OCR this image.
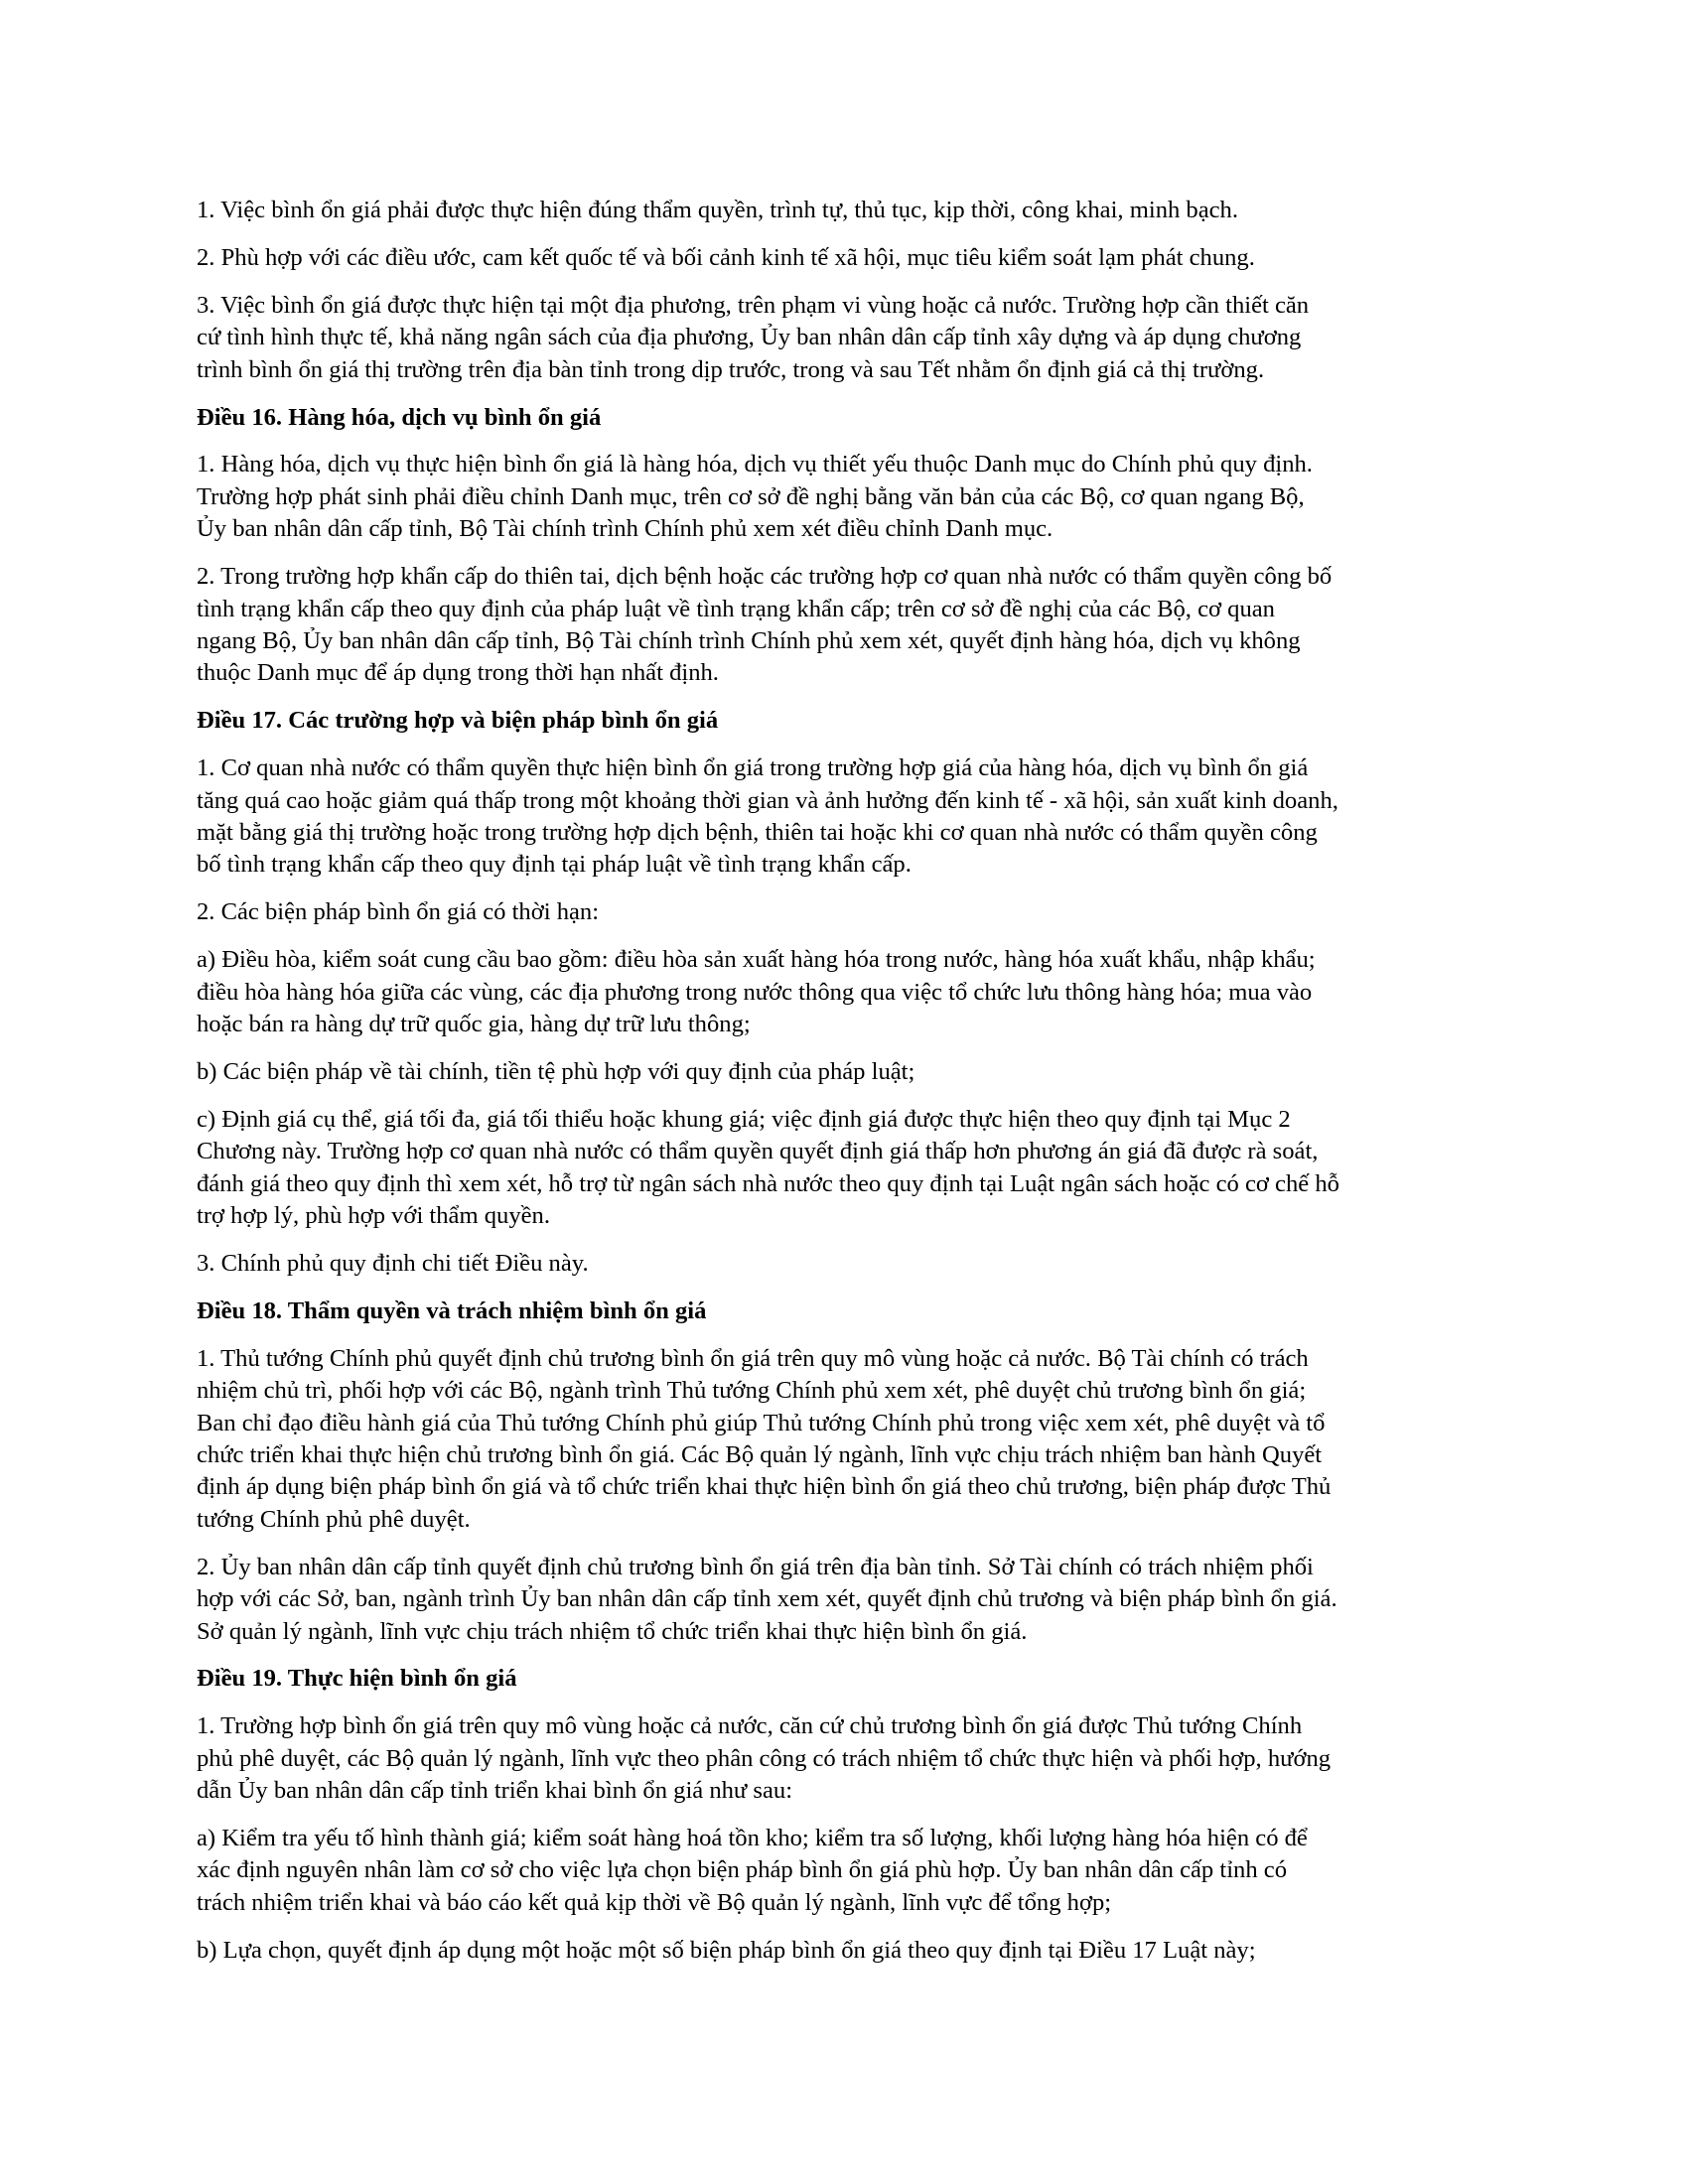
1. Việc bình ổn giá phải được thực hiện đúng thẩm quyền, trình tự, thủ tục, kịp thời, công khai, minh bạch.

2. Phù hợp với các điều ước, cam kết quốc tế và bối cảnh kinh tế xã hội, mục tiêu kiểm soát lạm phát chung.

3. Việc bình ổn giá được thực hiện tại một địa phương, trên phạm vi vùng hoặc cả nước. Trường hợp cần thiết căn
cứ tình hình thực tế, khả năng ngân sách của địa phương, Ủy ban nhân dân cấp tỉnh xây dựng và áp dụng chương
trình bình ổn giá thị trường trên địa bàn tỉnh trong dịp trước, trong và sau Tết nhằm ổn định giá cả thị trường.

Điều 16. Hàng hóa, dịch vụ bình ổn giá

1. Hàng hóa, dịch vụ thực hiện bình ổn giá là hàng hóa, dịch vụ thiết yếu thuộc Danh mục do Chính phủ quy định.
Trường hợp phát sinh phải điều chỉnh Danh mục, trên cơ sở đề nghị bằng văn bản của các Bộ, cơ quan ngang Bộ,
Ủy ban nhân dân cấp tỉnh, Bộ Tài chính trình Chính phủ xem xét điều chỉnh Danh mục.

2. Trong trường hợp khẩn cấp do thiên tai, dịch bệnh hoặc các trường hợp cơ quan nhà nước có thẩm quyền công bố
tình trạng khẩn cấp theo quy định của pháp luật về tình trạng khẩn cấp; trên cơ sở đề nghị của các Bộ, cơ quan
ngang Bộ, Ủy ban nhân dân cấp tỉnh, Bộ Tài chính trình Chính phủ xem xét, quyết định hàng hóa, dịch vụ không
thuộc Danh mục để áp dụng trong thời hạn nhất định.

Điều 17. Các trường hợp và biện pháp bình ổn giá

1. Cơ quan nhà nước có thẩm quyền thực hiện bình ổn giá trong trường hợp giá của hàng hóa, dịch vụ bình ổn giá
tăng quá cao hoặc giảm quá thấp trong một khoảng thời gian và ảnh hưởng đến kinh tế - xã hội, sản xuất kinh doanh,
mặt bằng giá thị trường hoặc trong trường hợp dịch bệnh, thiên tai hoặc khi cơ quan nhà nước có thẩm quyền công
bố tình trạng khẩn cấp theo quy định tại pháp luật về tình trạng khẩn cấp.

2. Các biện pháp bình ổn giá có thời hạn:

a) Điều hòa, kiểm soát cung cầu bao gồm: điều hòa sản xuất hàng hóa trong nước, hàng hóa xuất khẩu, nhập khẩu;
điều hòa hàng hóa giữa các vùng, các địa phương trong nước thông qua việc tổ chức lưu thông hàng hóa; mua vào
hoặc bán ra hàng dự trữ quốc gia, hàng dự trữ lưu thông;

b) Các biện pháp về tài chính, tiền tệ phù hợp với quy định của pháp luật;

c) Định giá cụ thể, giá tối đa, giá tối thiểu hoặc khung giá; việc định giá được thực hiện theo quy định tại Mục 2
Chương này. Trường hợp cơ quan nhà nước có thẩm quyền quyết định giá thấp hơn phương án giá đã được rà soát,
đánh giá theo quy định thì xem xét, hỗ trợ từ ngân sách nhà nước theo quy định tại Luật ngân sách hoặc có cơ chế hỗ
trợ hợp lý, phù hợp với thẩm quyền.

3. Chính phủ quy định chi tiết Điều này.

Điều 18. Thẩm quyền và trách nhiệm bình ổn giá

1. Thủ tướng Chính phủ quyết định chủ trương bình ổn giá trên quy mô vùng hoặc cả nước. Bộ Tài chính có trách
nhiệm chủ trì, phối hợp với các Bộ, ngành trình Thủ tướng Chính phủ xem xét, phê duyệt chủ trương bình ổn giá;
Ban chỉ đạo điều hành giá của Thủ tướng Chính phủ giúp Thủ tướng Chính phủ trong việc xem xét, phê duyệt và tổ
chức triển khai thực hiện chủ trương bình ổn giá. Các Bộ quản lý ngành, lĩnh vực chịu trách nhiệm ban hành Quyết
định áp dụng biện pháp bình ổn giá và tổ chức triển khai thực hiện bình ổn giá theo chủ trương, biện pháp được Thủ
tướng Chính phủ phê duyệt.

2. Ủy ban nhân dân cấp tỉnh quyết định chủ trương bình ổn giá trên địa bàn tỉnh. Sở Tài chính có trách nhiệm phối
hợp với các Sở, ban, ngành trình Ủy ban nhân dân cấp tỉnh xem xét, quyết định chủ trương và biện pháp bình ổn giá.
Sở quản lý ngành, lĩnh vực chịu trách nhiệm tổ chức triển khai thực hiện bình ổn giá.

Điều 19. Thực hiện bình ổn giá

1. Trường hợp bình ổn giá trên quy mô vùng hoặc cả nước, căn cứ chủ trương bình ổn giá được Thủ tướng Chính
phủ phê duyệt, các Bộ quản lý ngành, lĩnh vực theo phân công có trách nhiệm tổ chức thực hiện và phối hợp, hướng
dẫn Ủy ban nhân dân cấp tỉnh triển khai bình ổn giá như sau:

a) Kiểm tra yếu tố hình thành giá; kiểm soát hàng hoá tồn kho; kiểm tra số lượng, khối lượng hàng hóa hiện có để
xác định nguyên nhân làm cơ sở cho việc lựa chọn biện pháp bình ổn giá phù hợp. Ủy ban nhân dân cấp tỉnh có
trách nhiệm triển khai và báo cáo kết quả kịp thời về Bộ quản lý ngành, lĩnh vực để tổng hợp;

b) Lựa chọn, quyết định áp dụng một hoặc một số biện pháp bình ổn giá theo quy định tại Điều 17 Luật này;
